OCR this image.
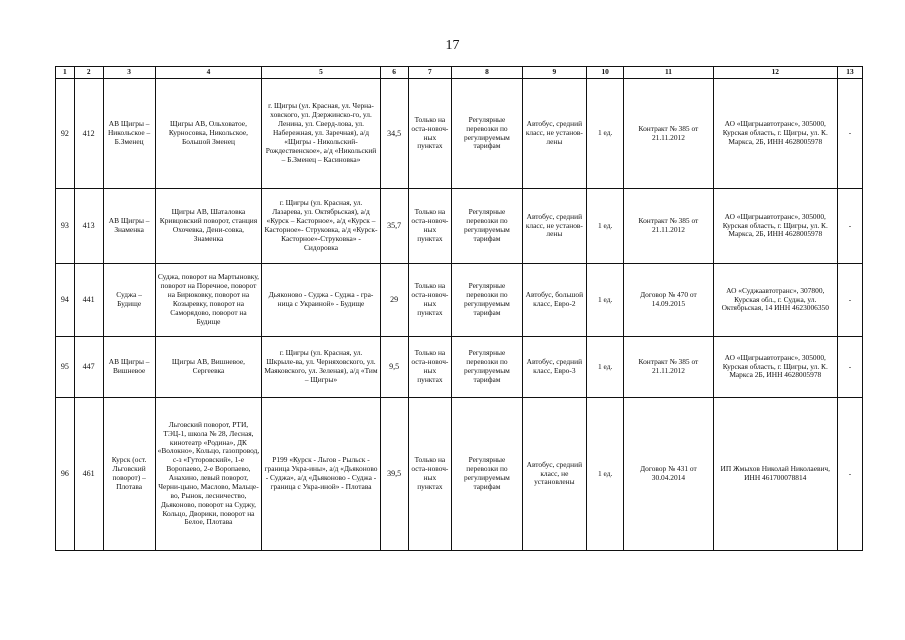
17
1	2	3	4	5	6	7	8	9	10	11	12	13
92	412	АВ Щигры – Никольское – Б.Зменец	Щигры АВ, Ольховатое, Курносовка, Никольское, Большой Зменец	г. Щигры (ул. Красная, ул. Черна-ховского, ул. Дзержинско-го, ул. Ленина, ул. Сверд-лова, ул. Набережная, ул. Заречная), а/д «Щигры - Никольский-Рождественское», а/д «Никольский – Б.Зменец – Касиновка»	34,5	Только на оста-новоч-ных пунктах	Регулярные перевозки по регулируемым тарифам	Автобус, средний класс, не установ-лены	1 ед.	Контракт № 385 от 21.11.2012	АО «Щигрыавтотранс», 305000, Курская область, г. Щигры, ул. К. Маркса, 2Б, ИНН 4628005978	-
93	413	АВ Щигры – Знаменка	Щигры АВ, Шаталовка Кривцовский поворот, станция Охочевка, Дени-совка, Знаменка	г. Щигры (ул. Красная, ул. Лазарева, ул. Октябрьская), а/д «Курск – Касторное», а/д «Курск – Касторное»- Струковка, а/д «Курск-Касторное»-Струковка» - Сидоровка	35,7	Только на оста-новоч-ных пунктах	Регулярные перевозки по регулируемым тарифам	Автобус, средний класс, не установ-лены	1 ед.	Контракт № 385 от 21.11.2012	АО «Щигрыавтотранс», 305000, Курская область, г. Щигры, ул. К. Маркса, 2Б, ИНН 4628005978	-
94	441	Суджа – Будище	Суджа, поворот на Мартыновку, поворот на Поречное, поворот на Бирюковку, поворот на Козыревку, поворот на Саморядово, поворот на Будище	Дьяконово - Суджа - Суджа - гра-ница с Украиной» - Будище	29	Только на оста-новоч-ных пунктах	Регулярные перевозки по регулируемым тарифам	Автобус, большой класс, Евро-2	1 ед.	Договор № 470 от 14.09.2015	АО «Суджаавтотранс», 307800, Курская обл., г. Суджа, ул. Октябрьская, 14 ИНН 4623006350	-
95	447	АВ Щигры – Вишневое	Щигры АВ, Вишневое, Сергеевка	г. Щигры (ул. Красная, ул. Шкрыле-ва, ул. Черняховского, ул. Маяковского, ул. Зеленая), а/д «Тим – Щигры»	9,5	Только на оста-новоч-ных пунктах	Регулярные перевозки по регулируемым тарифам	Автобус, средний класс, Евро-3	1 ед.	Контракт № 385 от 21.11.2012	АО «Щигрыавтотранс», 305000, Курская область, г. Щигры, ул. К. Маркса 2Б, ИНН 4628005978	-
96	461	Курск (ост. Льговский поворот) – Плотава	Льговский поворот, РТИ, ТЭЦ-1, школа № 28, Лесная, кинотеатр «Родина», ДК «Волокно», Кольцо, газопровод, с-з «Гуторовский», 1-е Воропаево, 2-е Воропаево, Анахино, левый поворот, Черни-цыно, Маслово, Мальце-во, Рынок, лесничество, Дьяконово, поворот на Суджу, Кольцо, Дворики, поворот на Белое, Плотава	Р199 «Курск - Льгов - Рыльск - граница Укра-ины», а/д «Дьяконово - Суджа», а/д «Дьяконово - Суджа - граница с Укра-иной» - Плотава	39,5	Только на оста-новоч-ных пунктах	Регулярные перевозки по регулируемым тарифам	Автобус, средний класс, не установлены	1 ед.	Договор № 431 от 30.04.2014	ИП Жмыхов Николай Николаевич, ИНН 461700078814	-
